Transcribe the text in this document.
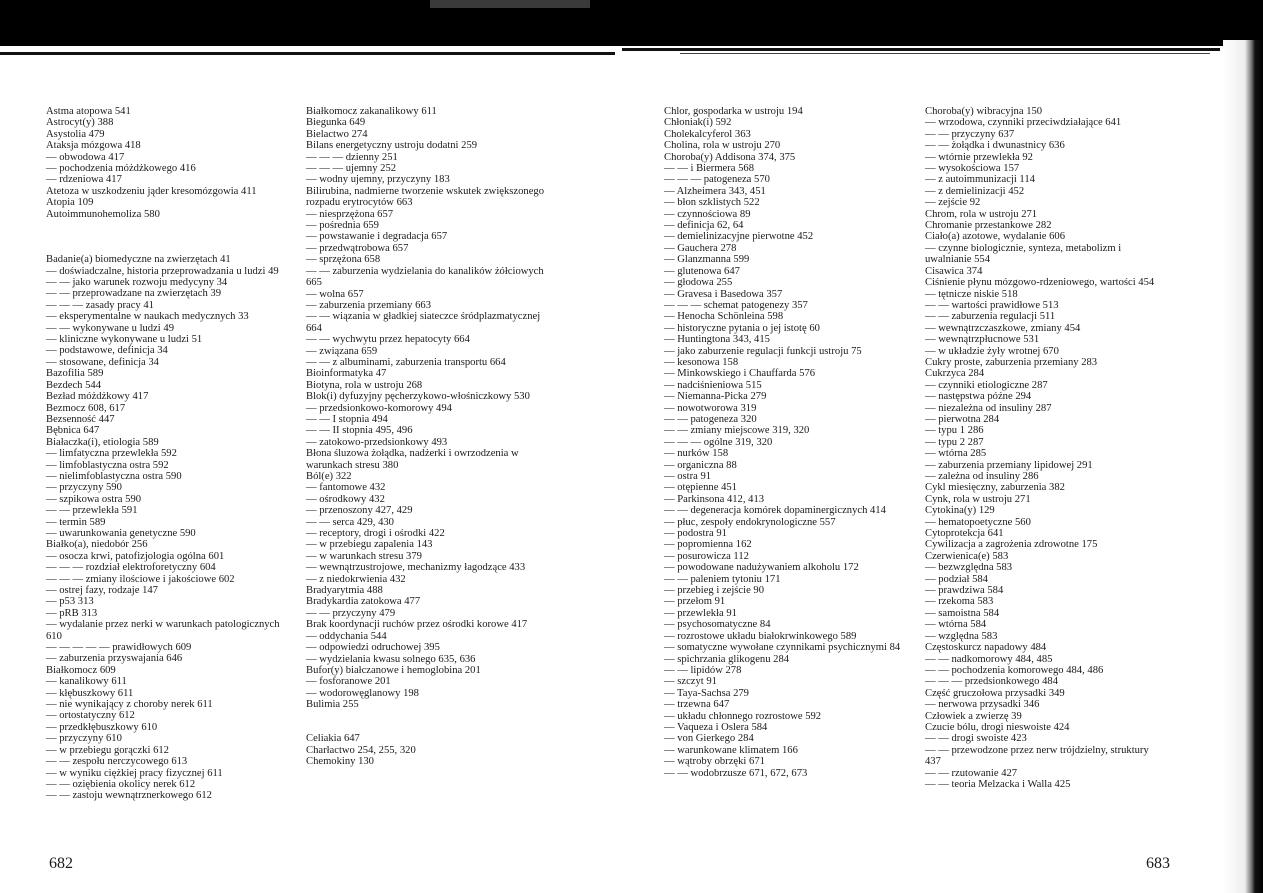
Astma atopowa 541
Astrocyt(y) 388
Asystolia 479
Ataksja mózgowa 418
— obwodowa 417
— pochodzenia móżdżkowego 416
— rdzeniowa 417
Atetoza w uszkodzeniu jąder kresomózgowia 411
Atopia 109
Autoimmunohemoliza 580
Badanie(a) biomedyczne na zwierzętach 41
— doświadczalne, historia przeprowadzania u ludzi 49
— — jako warunek rozwoju medycyny 34
— — przeprowadzane na zwierzętach 39
— — — zasady pracy 41
— eksperymentalne w naukach medycznych 33
— — wykonywane u ludzi 49
— kliniczne wykonywane u ludzi 51
— podstawowe, definicja 34
— stosowane, definicja 34
Bazofilia 589
Bezdech 544
Bezład móżdżkowy 417
Bezmocz 608, 617
Bezsenność 447
Bębnica 647
Białaczka(i), etiologia 589
— limfatyczna przewlekła 592
— limfoblastyczna ostra 592
— nielimfoblastyczna ostra 590
— przyczyny 590
— szpikowa ostra 590
— — przewlekła 591
— termin 589
— uwarunkowania genetyczne 590
Białko(a), niedobór 256
— osocza krwi, patofizjologia ogólna 601
— — — rozdział elektroforetyczny 604
— — — zmiany ilościowe i jakościowe 602
— ostrej fazy, rodzaje 147
— p53 313
— pRB 313
— wydalanie przez nerki w warunkach patologicznych 610
— — — — — prawidłowych 609
— zaburzenia przyswajania 646
Białkomocz 609
— kanalikowy 611
— kłębuszkowy 611
— nie wynikający z choroby nerek 611
— ortostatyczny 612
— przedkłębuszkowy 610
— przyczyny 610
— w przebiegu gorączki 612
— — zespołu nerczycowego 613
— w wyniku ciężkiej pracy fizycznej 611
— — oziębienia okolicy nerek 612
— — zastoju wewnątrznerkowego 612
Białkomocz zakanalikowy 611
Biegunka 649
Bielactwo 274
Bilans energetyczny ustroju dodatni 259
— — — dzienny 251
— — — ujemny 252
— wodny ujemny, przyczyny 183
Bilirubina, nadmierne tworzenie wskutek zwiększonego rozpadu erytrocytów 663
— niesprzężona 657
— pośrednia 659
— powstawanie i degradacja 657
— przedwątrobowa 657
— sprzężona 658
— — zaburzenia wydzielania do kanalików żółciowych 665
— wolna 657
— zaburzenia przemiany 663
— — wiązania w gładkiej siateczce śródplazmatycznej 664
— — wychwytu przez hepatocyty 664
— związana 659
— — z albuminami, zaburzenia transportu 664
Bioinformatyka 47
Biotyna, rola w ustroju 268
Blok(i) dyfuzyjny pęcherzykowo-włośniczkowy 530
— przedsionkowo-komorowy 494
— — I stopnia 494
— — II stopnia 495, 496
— zatokowo-przedsionkowy 493
Błona śluzowa żołądka, nadżerki i owrzodzenia w warunkach stresu 380
Ból(e) 322
— fantomowe 432
— ośrodkowy 432
— przenoszony 427, 429
— — serca 429, 430
— receptory, drogi i ośrodki 422
— w przebiegu zapalenia 143
— w warunkach stresu 379
— wewnątrzustrojowe, mechanizmy łagodzące 433
— z niedokrwienia 432
Bradyarytmia 488
Bradykardia zatokowa 477
— — przyczyny 479
Brak koordynacji ruchów przez ośrodki korowe 417
— oddychania 544
— odpowiedzi odruchowej 395
— wydzielania kwasu solnego 635, 636
Bufor(y) białczanowe i hemoglobina 201
— fosforanowe 201
— wodorowęglanowy 198
Bulimia 255
Celiakia 647
Charłactwo 254, 255, 320
Chemokiny 130
Chlor, gospodarka w ustroju 194
Chłoniak(i) 592
Cholekalcyferol 363
Cholina, rola w ustroju 270
Choroba(y) Addisona 374, 375
— — i Biermera 568
— — — patogeneza 570
— Alzheimera 343, 451
— błon szklistych 522
— czynnościowa 89
— definicja 62, 64
— demielinizacyjne pierwotne 452
— Gauchera 278
— Glanzmanna 599
— glutenowa 647
— głodowa 255
— Gravesa i Basedowa 357
— — — schemat patogenezy 357
— Henocha Schönleina 598
— historyczne pytania o jej istotę 60
— Huntingtona 343, 415
— jako zaburzenie regulacji funkcji ustroju 75
— kesonowa 158
— Minkowskiego i Chauffarda 576
— nadciśnieniowa 515
— Niemanna-Picka 279
— nowotworowa 319
— — patogeneza 320
— — zmiany miejscowe 319, 320
— — — ogólne 319, 320
— nurków 158
— organiczna 88
— ostra 91
— otępienne 451
— Parkinsona 412, 413
— — degeneracja komórek dopaminergicznych 414
— płuc, zespoły endokrynologiczne 557
— podostra 91
— popromienna 162
— posurowicza 112
— powodowane nadużywaniem alkoholu 172
— — paleniem tytoniu 171
— przebieg i zejście 90
— przełom 91
— przewlekła 91
— psychosomatyczne 84
— rozrostowe układu białokrwinkowego 589
— somatyczne wywołane czynnikami psychicznymi 84
— spichrzania glikogenu 284
— — lipidów 278
— szczyt 91
— Taya-Sachsa 279
— trzewna 647
— układu chłonnego rozrostowe 592
— Vaqueza i Oslera 584
— von Gierkego 284
— warunkowane klimatem 166
— wątroby obrzęki 671
— — wodobrzusze 671, 672, 673
Choroba(y) wibracyjna 150
— wrzodowa, czynniki przeciwdziałające 641
— — przyczyny 637
— — żołądka i dwunastnicy 636
— wtórnie przewlekła 92
— wysokościowa 157
— z autoimmunizacji 114
— z demielinizacji 452
— zejście 92
Chrom, rola w ustroju 271
Chromanie przestankowe 282
Ciało(a) azotowe, wydalanie 606
— czynne biologicznie, synteza, metabolizm i uwalnianie 554
Cisawica 374
Ciśnienie płynu mózgowo-rdzeniowego, wartości 454
— tętnicze niskie 518
— — wartości prawidłowe 513
— — zaburzenia regulacji 511
— wewnątrzczaszkowe, zmiany 454
— wewnątrzpłucnowe 531
— w układzie żyły wrotnej 670
Cukry proste, zaburzenia przemiany 283
Cukrzyca 284
— czynniki etiologiczne 287
— następstwa późne 294
— niezależna od insuliny 287
— pierwotna 284
— typu 1 286
— typu 2 287
— wtórna 285
— zaburzenia przemiany lipidowej 291
— zależna od insuliny 286
Cykl miesięczny, zaburzenia 382
Cynk, rola w ustroju 271
Cytokina(y) 129
— hematopoetyczne 560
Cytoprotekcja 641
Cywilizacja a zagrożenia zdrowotne 175
Czerwienica(e) 583
— bezwzględna 583
— podział 584
— prawdziwa 584
— rzekoma 583
— samoistna 584
— wtórna 584
— względna 583
Częstoskurcz napadowy 484
— — nadkomorowy 484, 485
— — pochodzenia komorowego 484, 486
— — — przedsionkowego 484
Część gruczołowa przysadki 349
— nerwowa przysadki 346
Człowiek a zwierzę 39
Czucie bólu, drogi nieswoiste 424
— — drogi swoiste 423
— — przewodzone przez nerw trójdzielny, struktury 437
— — rzutowanie 427
— — teoria Melzacka i Walla 425
682	683
